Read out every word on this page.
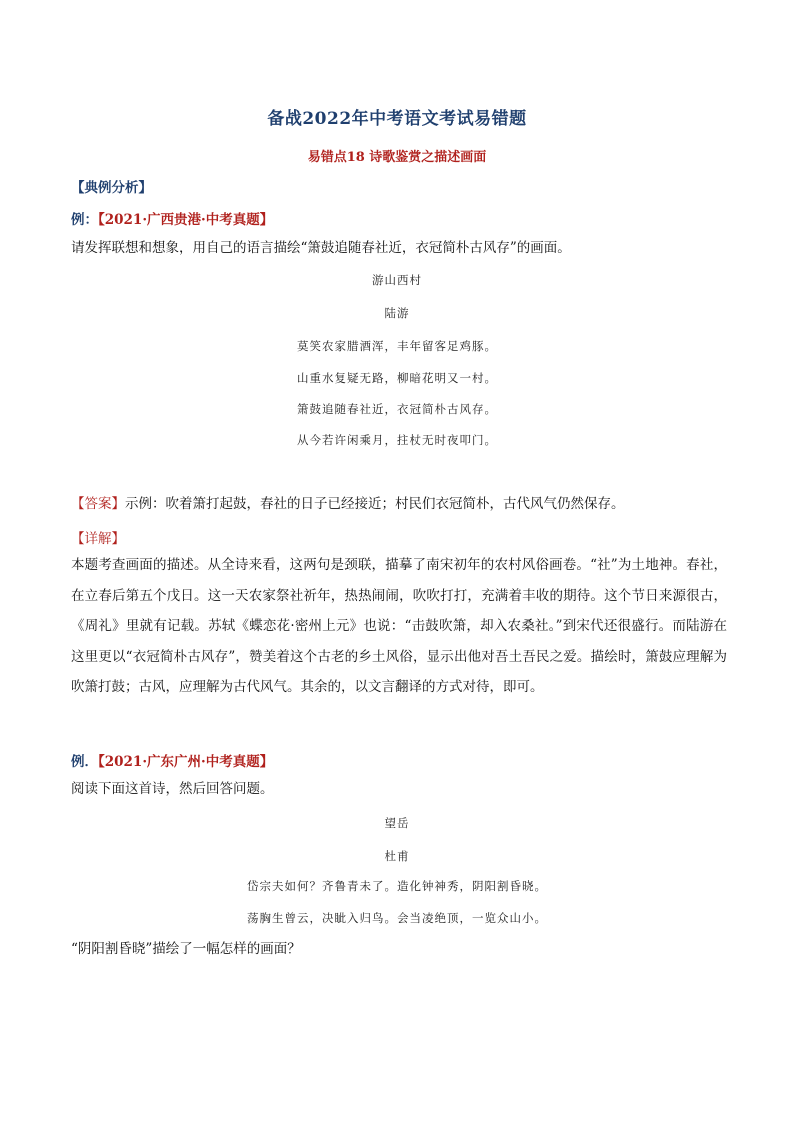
备战2022年中考语文考试易错题
易错点18 诗歌鉴赏之描述画面
【典例分析】
例：【2021·广西贵港·中考真题】
请发挥联想和想象，用自己的语言描绘“箫鼓追随春社近，衣冠简朴古风存”的画面。
游山西村
陆游
莫笑农家腊酒浑，丰年留客足鸡豚。
山重水复疑无路，柳暗花明又一村。
箫鼓追随春社近，衣冠简朴古风存。
从今若许闲乘月，拄杖无时夜叩门。
【答案】示例：吹着箫打起鼓，春社的日子已经接近；村民们衣冠简朴，古代风气仍然保存。
【详解】
本题考查画面的描述。从全诗来看，这两句是颈联，描摹了南宋初年的农村风俗画卷。“社”为土地神。春社，在立春后第五个戊日。这一天农家祭社祈年，热热闹闹，吹吹打打，充满着丰收的期待。这个节日来源很古，《周礼》里就有记载。苏轼《蝶恋花·密州上元》也说：“击鼓吹箫，却入农桑社。”到宋代还很盛行。而陆游在这里更以“衣冠简朴古风存”，赞美着这个古老的乡土风俗，显示出他对吾土吾民之爱。描绘时，箫鼓应理解为吹箫打鼓；古风，应理解为古代风气。其余的，以文言翻译的方式对待，即可。
例．【2021·广东广州·中考真题】
阅读下面这首诗，然后回答问题。
望岳
杜甫
岱宗夫如何？齐鲁青未了。造化钟神秀，阴阳割昏晓。
荡胸生曾云，决眦入归鸟。会当凌绝顶，一览众山小。
“阴阳割昏晓”描绘了一幅怎样的画面？
